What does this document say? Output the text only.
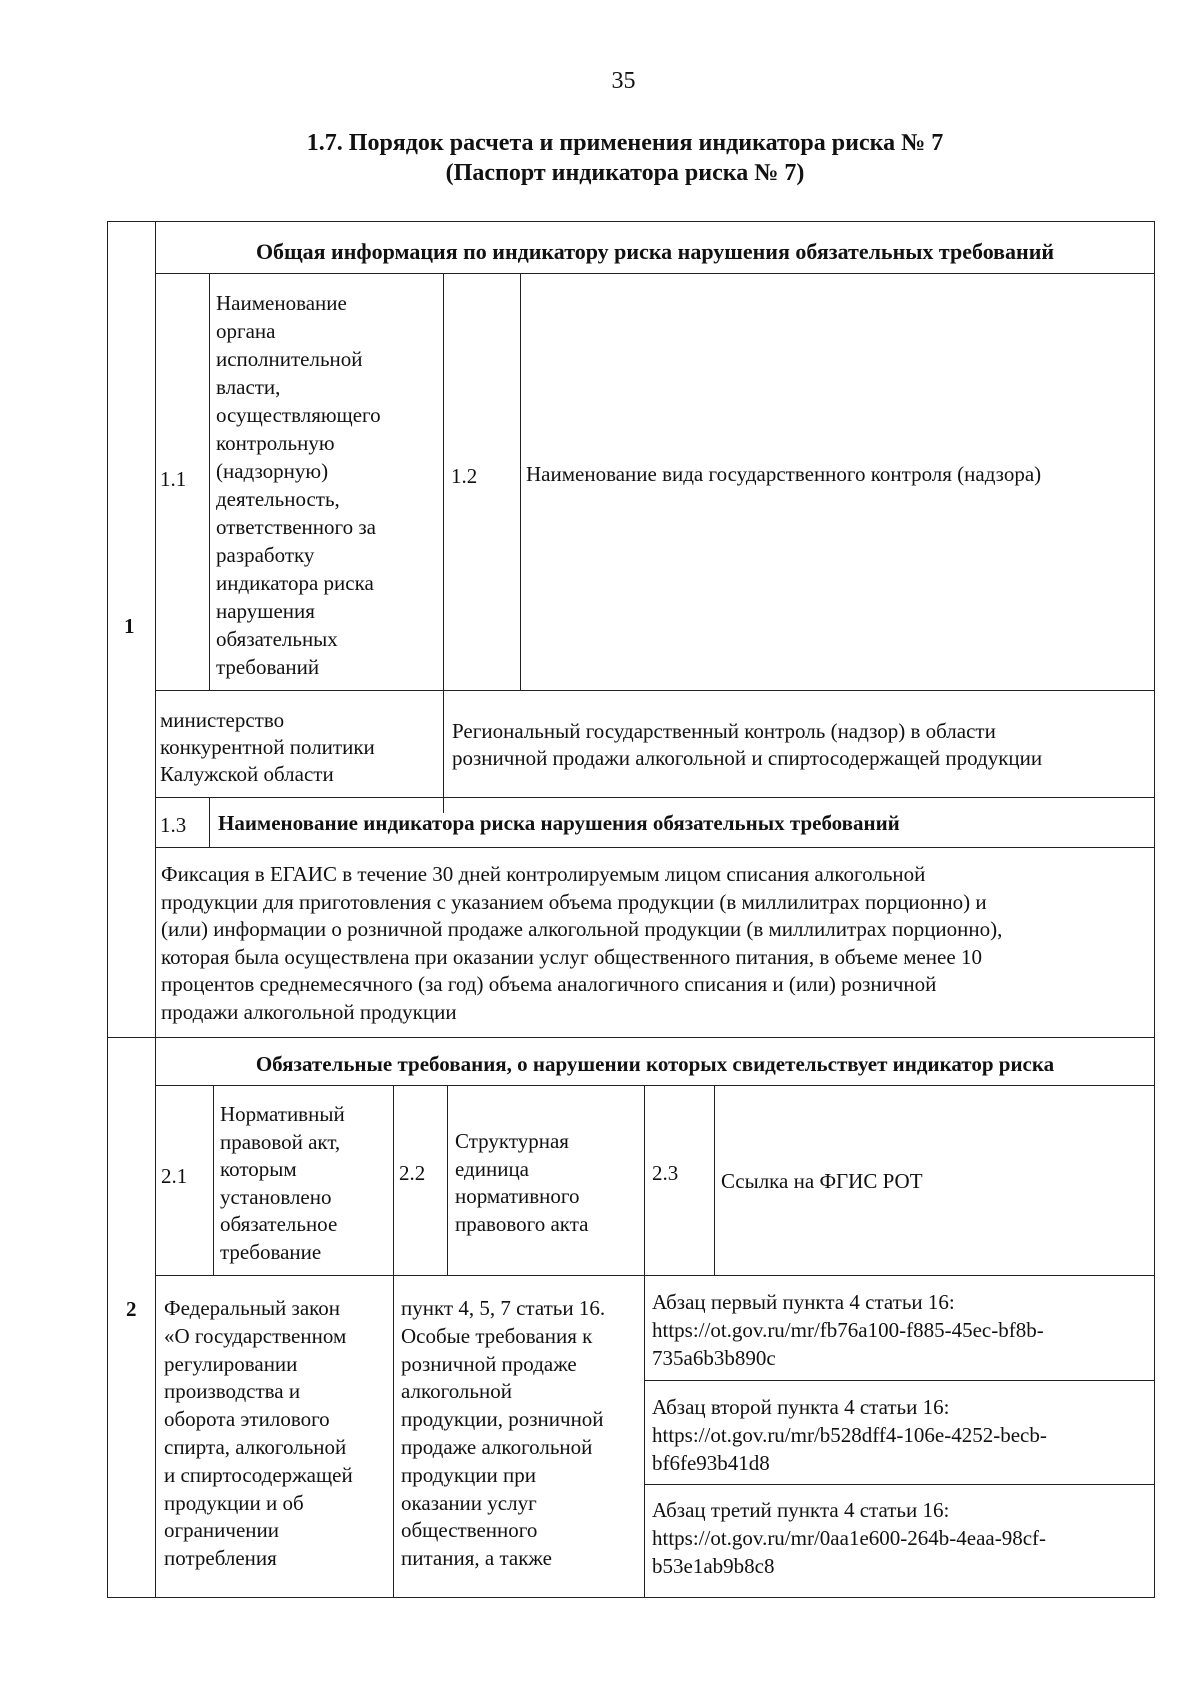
35
1.7. Порядок расчета и применения индикатора риска № 7
(Паспорт индикатора риска № 7)
Общая информация по индикатору риска нарушения обязательных требований
1.1
Наименование
органа
исполнительной
власти,
осуществляющего
контрольную
(надзорную)
деятельность,
ответственного за
разработку
индикатора риска
нарушения
обязательных
требований
1.2 Наименование вида государственного контроля (надзора)
министерство
конкурентной политики
Калужской области
Региональный государственный контроль (надзор) в области
розничной продажи алкогольной и спиртосодержащей продукции
1.3 Наименование индикатора риска нарушения обязательных требований
Фиксация в ЕГАИС в течение 30 дней контролируемым лицом списания алкогольной
продукции для приготовления с указанием объема продукции (в миллилитрах порционно) и
(или) информации о розничной продаже алкогольной продукции (в миллилитрах порционно),
которая была осуществлена при оказании услуг общественного питания, в объеме менее 10
процентов среднемесячного (за год) объема аналогичного списания и (или) розничной
продажи алкогольной продукции
1
Обязательные требования, о нарушении которых свидетельствует индикатор риска
2.1
Нормативный
правовой акт,
которым
установлено
обязательное
требование
2.2
Структурная
единица
нормативного
правового акта
2.3 Ссылка на ФГИС РОТ
Федеральный закон
«О государственном
регулировании
производства и
оборота этилового
спирта, алкогольной
и спиртосодержащей
продукции и об
ограничении
потребления
пункт 4, 5, 7 статьи 16.
Особые требования к
розничной продаже
алкогольной
продукции, розничной
продаже алкогольной
продукции при
оказании услуг
общественного
питания, а также
Абзац первый пункта 4 статьи 16:
https://ot.gov.ru/mr/fb76a100-f885-45ec-bf8b-
735a6b3b890c
Абзац второй пункта 4 статьи 16:
https://ot.gov.ru/mr/b528dff4-106e-4252-becb-
bf6fe93b41d8
Абзац третий пункта 4 статьи 16:
https://ot.gov.ru/mr/0aa1e600-264b-4eaa-98cf-
b53e1ab9b8c8
2
